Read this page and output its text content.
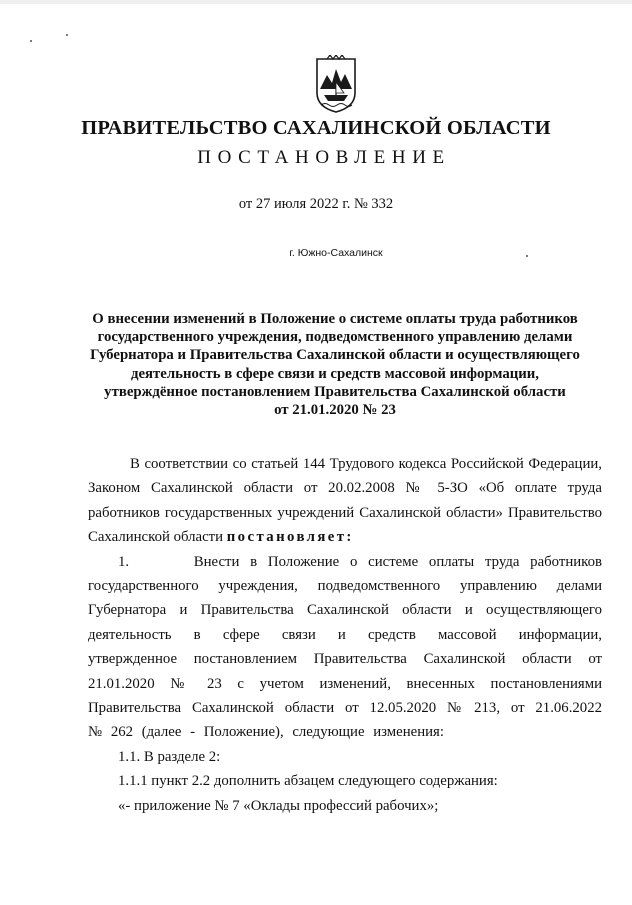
ПРАВИТЕЛЬСТВО САХАЛИНСКОЙ ОБЛАСТИ
ПОСТАНОВЛЕНИЕ
от 27 июля 2022 г. № 332
г. Южно-Сахалинск
О внесении изменений в Положение о системе оплаты труда работников
государственного учреждения, подведомственного управлению делами
Губернатора и Правительства Сахалинской области и осуществляющего
деятельность в сфере связи и средств массовой информации,
утверждённое постановлением Правительства Сахалинской области
от 21.01.2020 № 23

В соответствии со статьей 144 Трудового кодекса Российской Федерации, Законом Сахалинской области от 20.02.2008 № 5-ЗО «Об оплате труда работников государственных учреждений Сахалинской области» Правительство Сахалинской области постановляет:

1.	Внести в Положение о системе оплаты труда работников государственного учреждения, подведомственного управлению делами Губернатора и Правительства Сахалинской области и осуществляющего деятельность в сфере связи и средств массовой информации, утвержденное постановлением Правительства Сахалинской области от 21.01.2020 № 23 с учетом изменений, внесенных постановлениями Правительства Сахалинской области от 12.05.2020 № 213, от 21.06.2022 № 262 (далее - Положение), следующие изменения:

1.1. В разделе 2:

1.1.1 пункт 2.2 дополнить абзацем следующего содержания:

«- приложение № 7 «Оклады профессий рабочих»;
